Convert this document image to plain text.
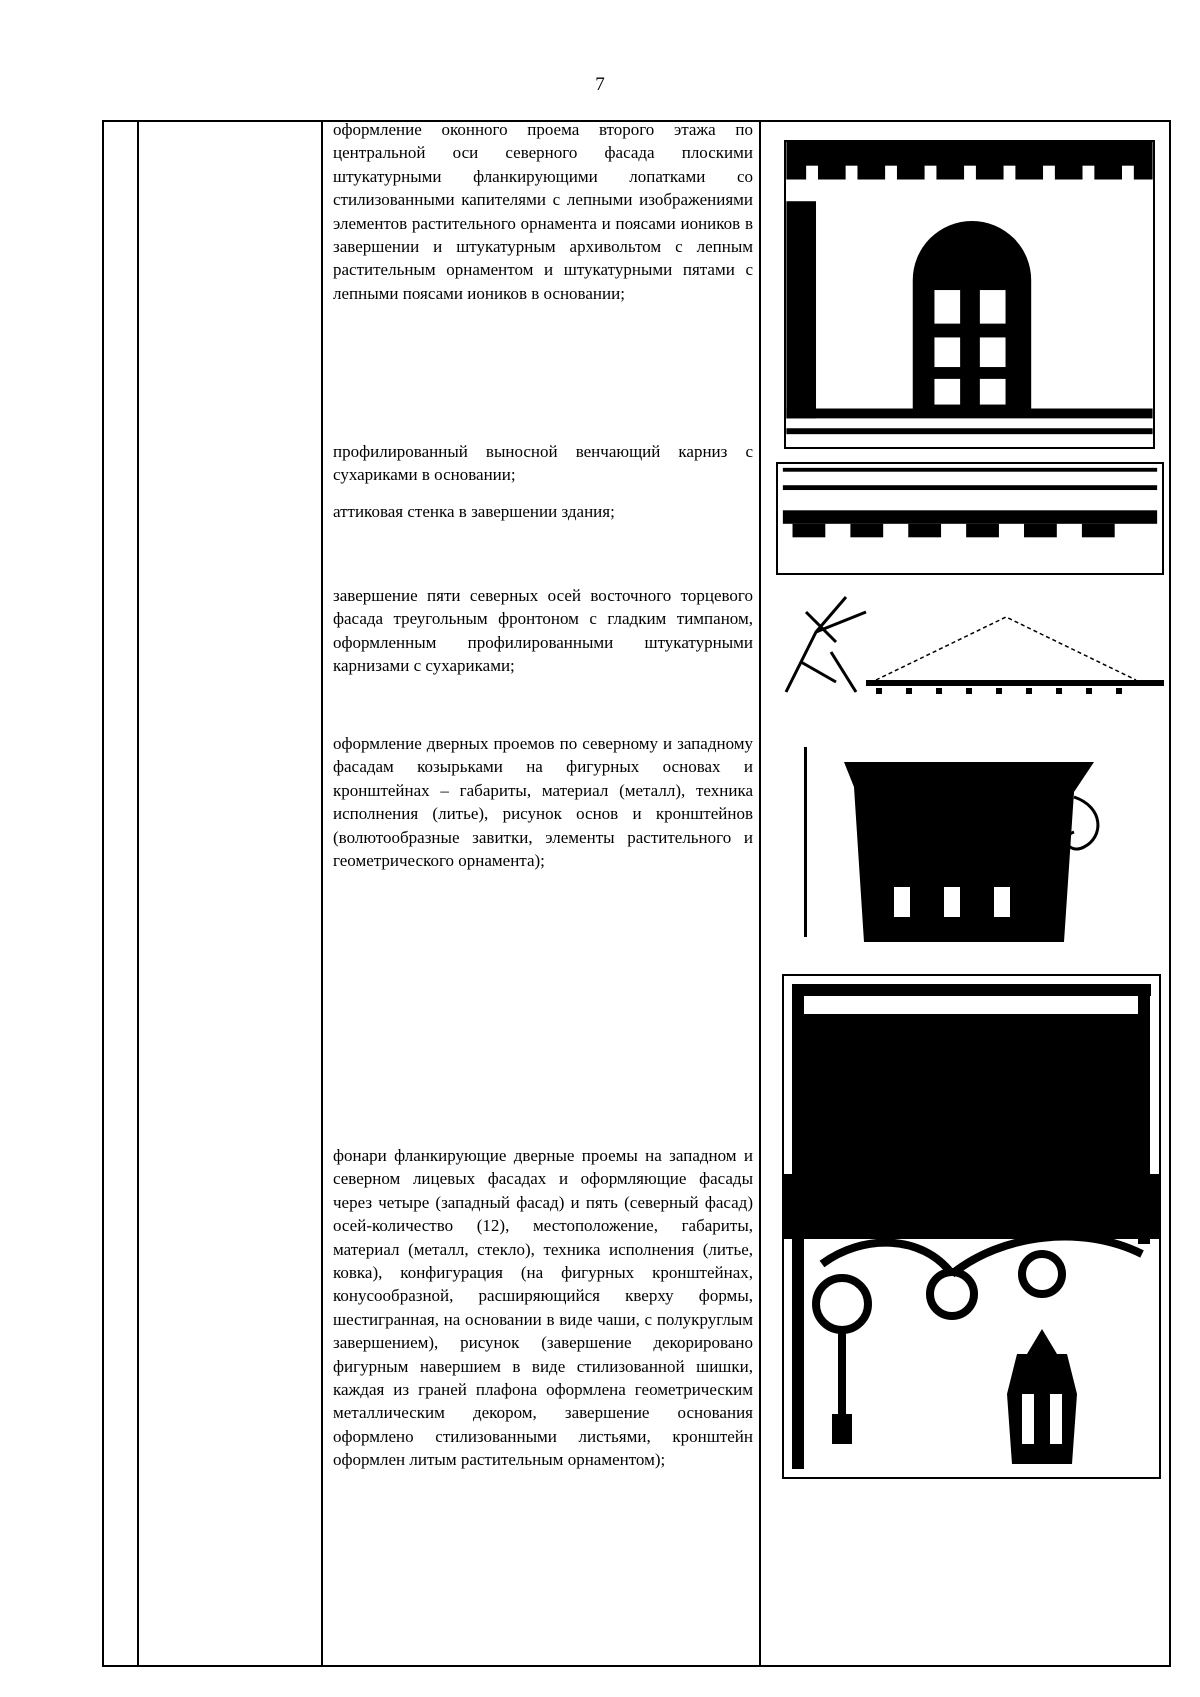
7

оформление оконного проема второго этажа по центральной оси северного фасада плоскими штукатурными фланкирующими лопатками со стилизованными капителями с лепными изображениями элементов растительного орнамента и поясами иоников в завершении и штукатурным архивольтом с лепным растительным орнаментом и штукатурными пятами с лепными поясами иоников в основании;

профилированный выносной венчающий карниз с сухариками в основании;

аттиковая стенка в завершении здания;

завершение пяти северных осей восточного торцевого фасада треугольным фронтоном с гладким тимпаном, оформленным профилированными штукатурными карнизами с сухариками;

оформление дверных проемов по северному и западному фасадам козырьками на фигурных основах и кронштейнах – габариты, материал (металл), техника исполнения (литье), рисунок основ и кронштейнов (волютообразные завитки, элементы растительного и геометрического орнамента);

фонари фланкирующие дверные проемы на западном и северном лицевых фасадах и оформляющие фасады через четыре (западный фасад) и пять (северный фасад) осей-количество (12), местоположение, габариты, материал (металл, стекло), техника исполнения (литье, ковка), конфигурация (на фигурных кронштейнах, конусообразной, расширяющийся кверху формы, шестигранная, на основании в виде чаши, с полукруглым завершением), рисунок (завершение декорировано фигурным навершием в виде стилизованной шишки, каждая из граней плафона оформлена геометрическим металлическим декором, завершение основания оформлено стилизованными листьями, кронштейн оформлен литым растительным орнаментом);
